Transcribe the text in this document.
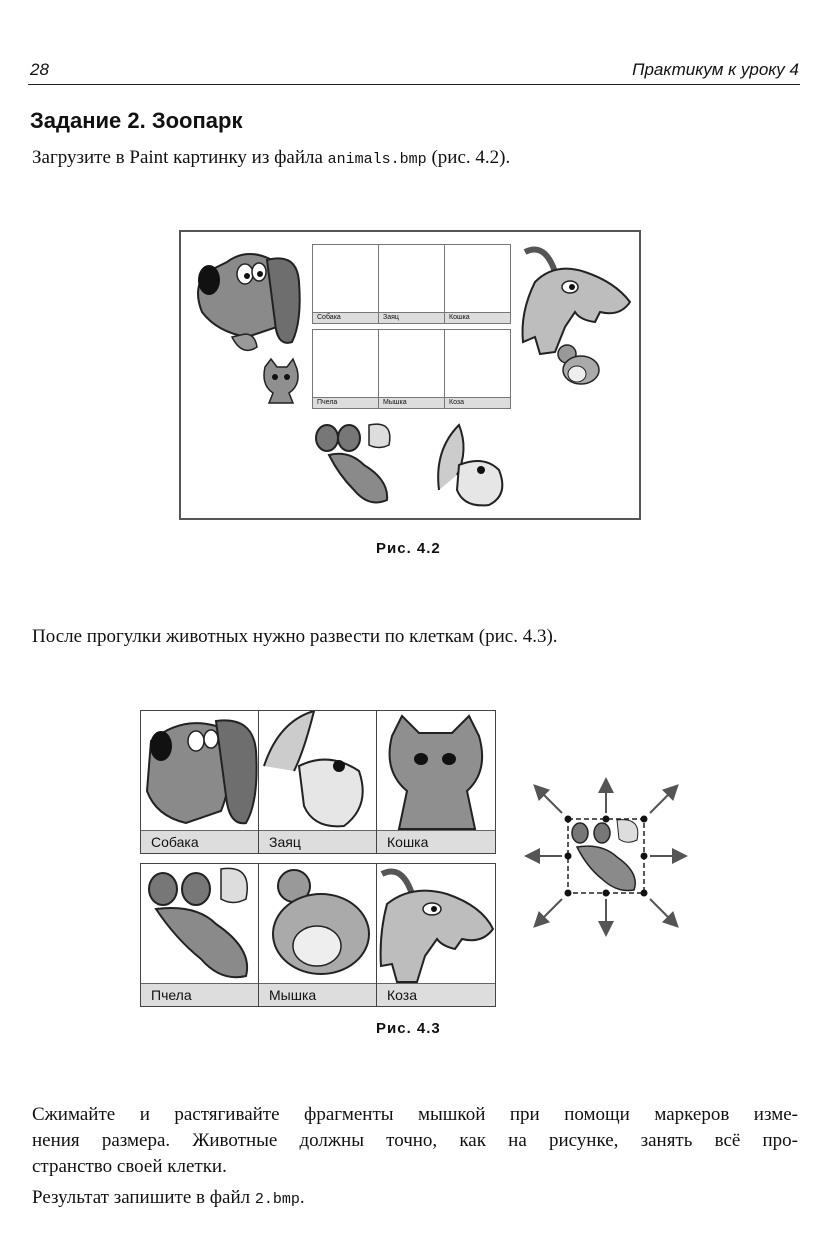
28	Практикум к уроку 4
Задание 2. Зоопарк
Загрузите в Paint картинку из файла animals.bmp (рис. 4.2).
Собака	Заяц	Кошка
Пчела	Мышка	Коза
Рис. 4.2
После прогулки животных нужно развести по клеткам (рис. 4.3).
Собака	Заяц	Кошка
Пчела	Мышка	Коза
Рис. 4.3
Сжимайте и растягивайте фрагменты мышкой при помощи маркеров изме-
нения размера. Животные должны точно, как на рисунке, занять всё про-
странство своей клетки.
Результат запишите в файл 2.bmp.
